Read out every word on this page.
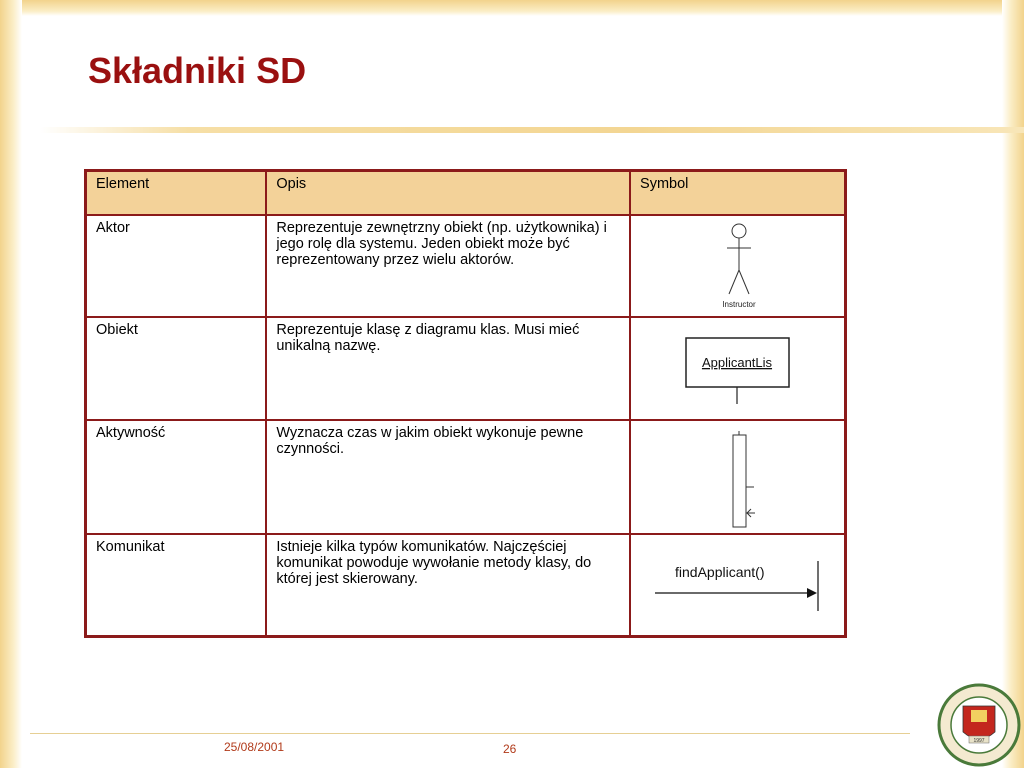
Składniki SD
Element	Opis	Symbol
Aktor	Reprezentuje zewnętrzny obiekt (np. użytkownika) i jego rolę dla systemu. Jeden obiekt może być reprezentowany przez wielu aktorów.	Instructor

Obiekt	Reprezentuje klasę z diagramu klas. Musi mieć unikalną nazwę.	ApplicantLis

Aktywność	Wyznacza czas w jakim obiekt wykonuje pewne czynności.	

Komunikat	Istnieje kilka typów komunikatów. Najczęściej komunikat powoduje wywołanie metody klasy, do której jest skierowany.	findApplicant()
25/08/2001	26
1997
